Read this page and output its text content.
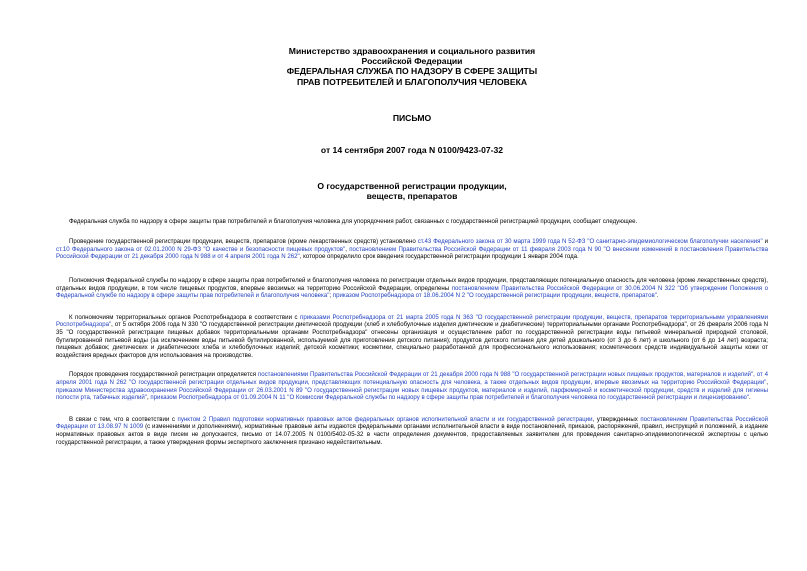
Министерство здравоохранения и социального развития
Российской Федерации
ФЕДЕРАЛЬНАЯ СЛУЖБА ПО НАДЗОРУ В СФЕРЕ ЗАЩИТЫ
ПРАВ ПОТРЕБИТЕЛЕЙ И БЛАГОПОЛУЧИЯ ЧЕЛОВЕКА
ПИСЬМО
от 14 сентября 2007 года N 0100/9423-07-32
О государственной регистрации продукции,
веществ, препаратов

Федеральная служба по надзору в сфере защиты прав потребителей и благополучия человека для упорядочения работ, связанных с государственной регистрацией продукции, сообщает следующее.

Проведение государственной регистрации продукции, веществ, препаратов (кроме лекарственных средств) установлено ст.43 Федерального закона от 30 марта 1999 года N 52-ФЗ "О санитарно-эпидемиологическом благополучии населения" и ст.10 Федерального закона от 02.01.2000 N 29-ФЗ "О качестве и безопасности пищевых продуктов", постановлением Правительства Российской Федерации от 11 февраля 2003 года N 90 "О внесении изменений в постановления Правительства Российской Федерации от 21 декабря 2000 года N 988 и от 4 апреля 2001 года N 262", которое определило срок введения государственной регистрации продукции 1 января 2004 года.

Полномочия Федеральной службы по надзору в сфере защиты прав потребителей и благополучия человека по регистрации отдельных видов продукции, представляющих потенциальную опасность для человека (кроме лекарственных средств), отдельных видов продукции, в том числе пищевых продуктов, впервые ввозимых на территорию Российской Федерации, определены постановлением Правительства Российской Федерации от 30.06.2004 N 322 "Об утверждении Положения о Федеральной службе по надзору в сфере защиты прав потребителей и благополучия человека"; приказом Роспотребнадзора от 18.06.2004 N 2 "О государственной регистрации продукции, веществ, препаратов".

К полномочиям территориальных органов Роспотребнадзора в соответствии с приказами Роспотребнадзора от 21 марта 2005 года N 363 "О государственной регистрации продукции, веществ, препаратов территориальными управлениями Роспотребнадзора", от 5 октября 2006 года N 330 "О государственной регистрации диетической продукции (хлеб и хлебобулочные изделия диетические и диабетические) территориальными органами Роспотребнадзора", от 26 февраля 2006 года N 35 "О государственной регистрации пищевых добавок территориальными органами Роспотребнадзора" отнесены организация и осуществление работ по государственной регистрации воды питьевой минеральной природной столовой, бутилированной питьевой воды (за исключением воды питьевой бутилированной, используемой для приготовления детского питания); продуктов детского питания для детей дошкольного (от 3 до 6 лет) и школьного (от 6 до 14 лет) возраста; пищевых добавок; диетических и диабетических хлеба и хлебобулочных изделий; детской косметики; косметики, специально разработанной для профессионального использования; косметических средств индивидуальной защиты кожи от воздействия вредных факторов для использования на производстве.

Порядок проведения государственной регистрации определяется постановлениями Правительства Российской Федерации от 21 декабря 2000 года N 988 "О государственной регистрации новых пищевых продуктов, материалов и изделий", от 4 апреля 2001 года N 262 "О государственной регистрации отдельных видов продукции, представляющих потенциальную опасность для человека, а также отдельных видов продукции, впервые ввозимых на территорию Российской Федерации", приказом Министерства здравоохранения Российской Федерации от 26.03.2001 N 89 "О государственной регистрации новых пищевых продуктов, материалов и изделий, парфюмерной и косметической продукции, средств и изделий для гигиены полости рта, табачных изделий", приказом Роспотребнадзора от 01.09.2004 N 11 "О Комиссии Федеральной службы по надзору в сфере защиты прав потребителей и благополучия человека по государственной регистрации и лицензированию".

В связи с тем, что в соответствии с пунктом 2 Правил подготовки нормативных правовых актов федеральных органов исполнительной власти и их государственной регистрации, утвержденных постановлением Правительства Российской Федерации от 13.08.97 N 1009 (с изменениями и дополнениями), нормативные правовые акты издаются федеральными органами исполнительной власти в виде постановлений, приказов, распоряжений, правил, инструкций и положений, а издание нормативных правовых актов в виде писем не допускается, письмо от 14.07.2005 N 0100/5402-05-32 в части определения документов, предоставляемых заявителем для проведения санитарно-эпидемиологической экспертизы с целью государственной регистрации, а также утверждения формы экспертного заключения признано недействительным.
